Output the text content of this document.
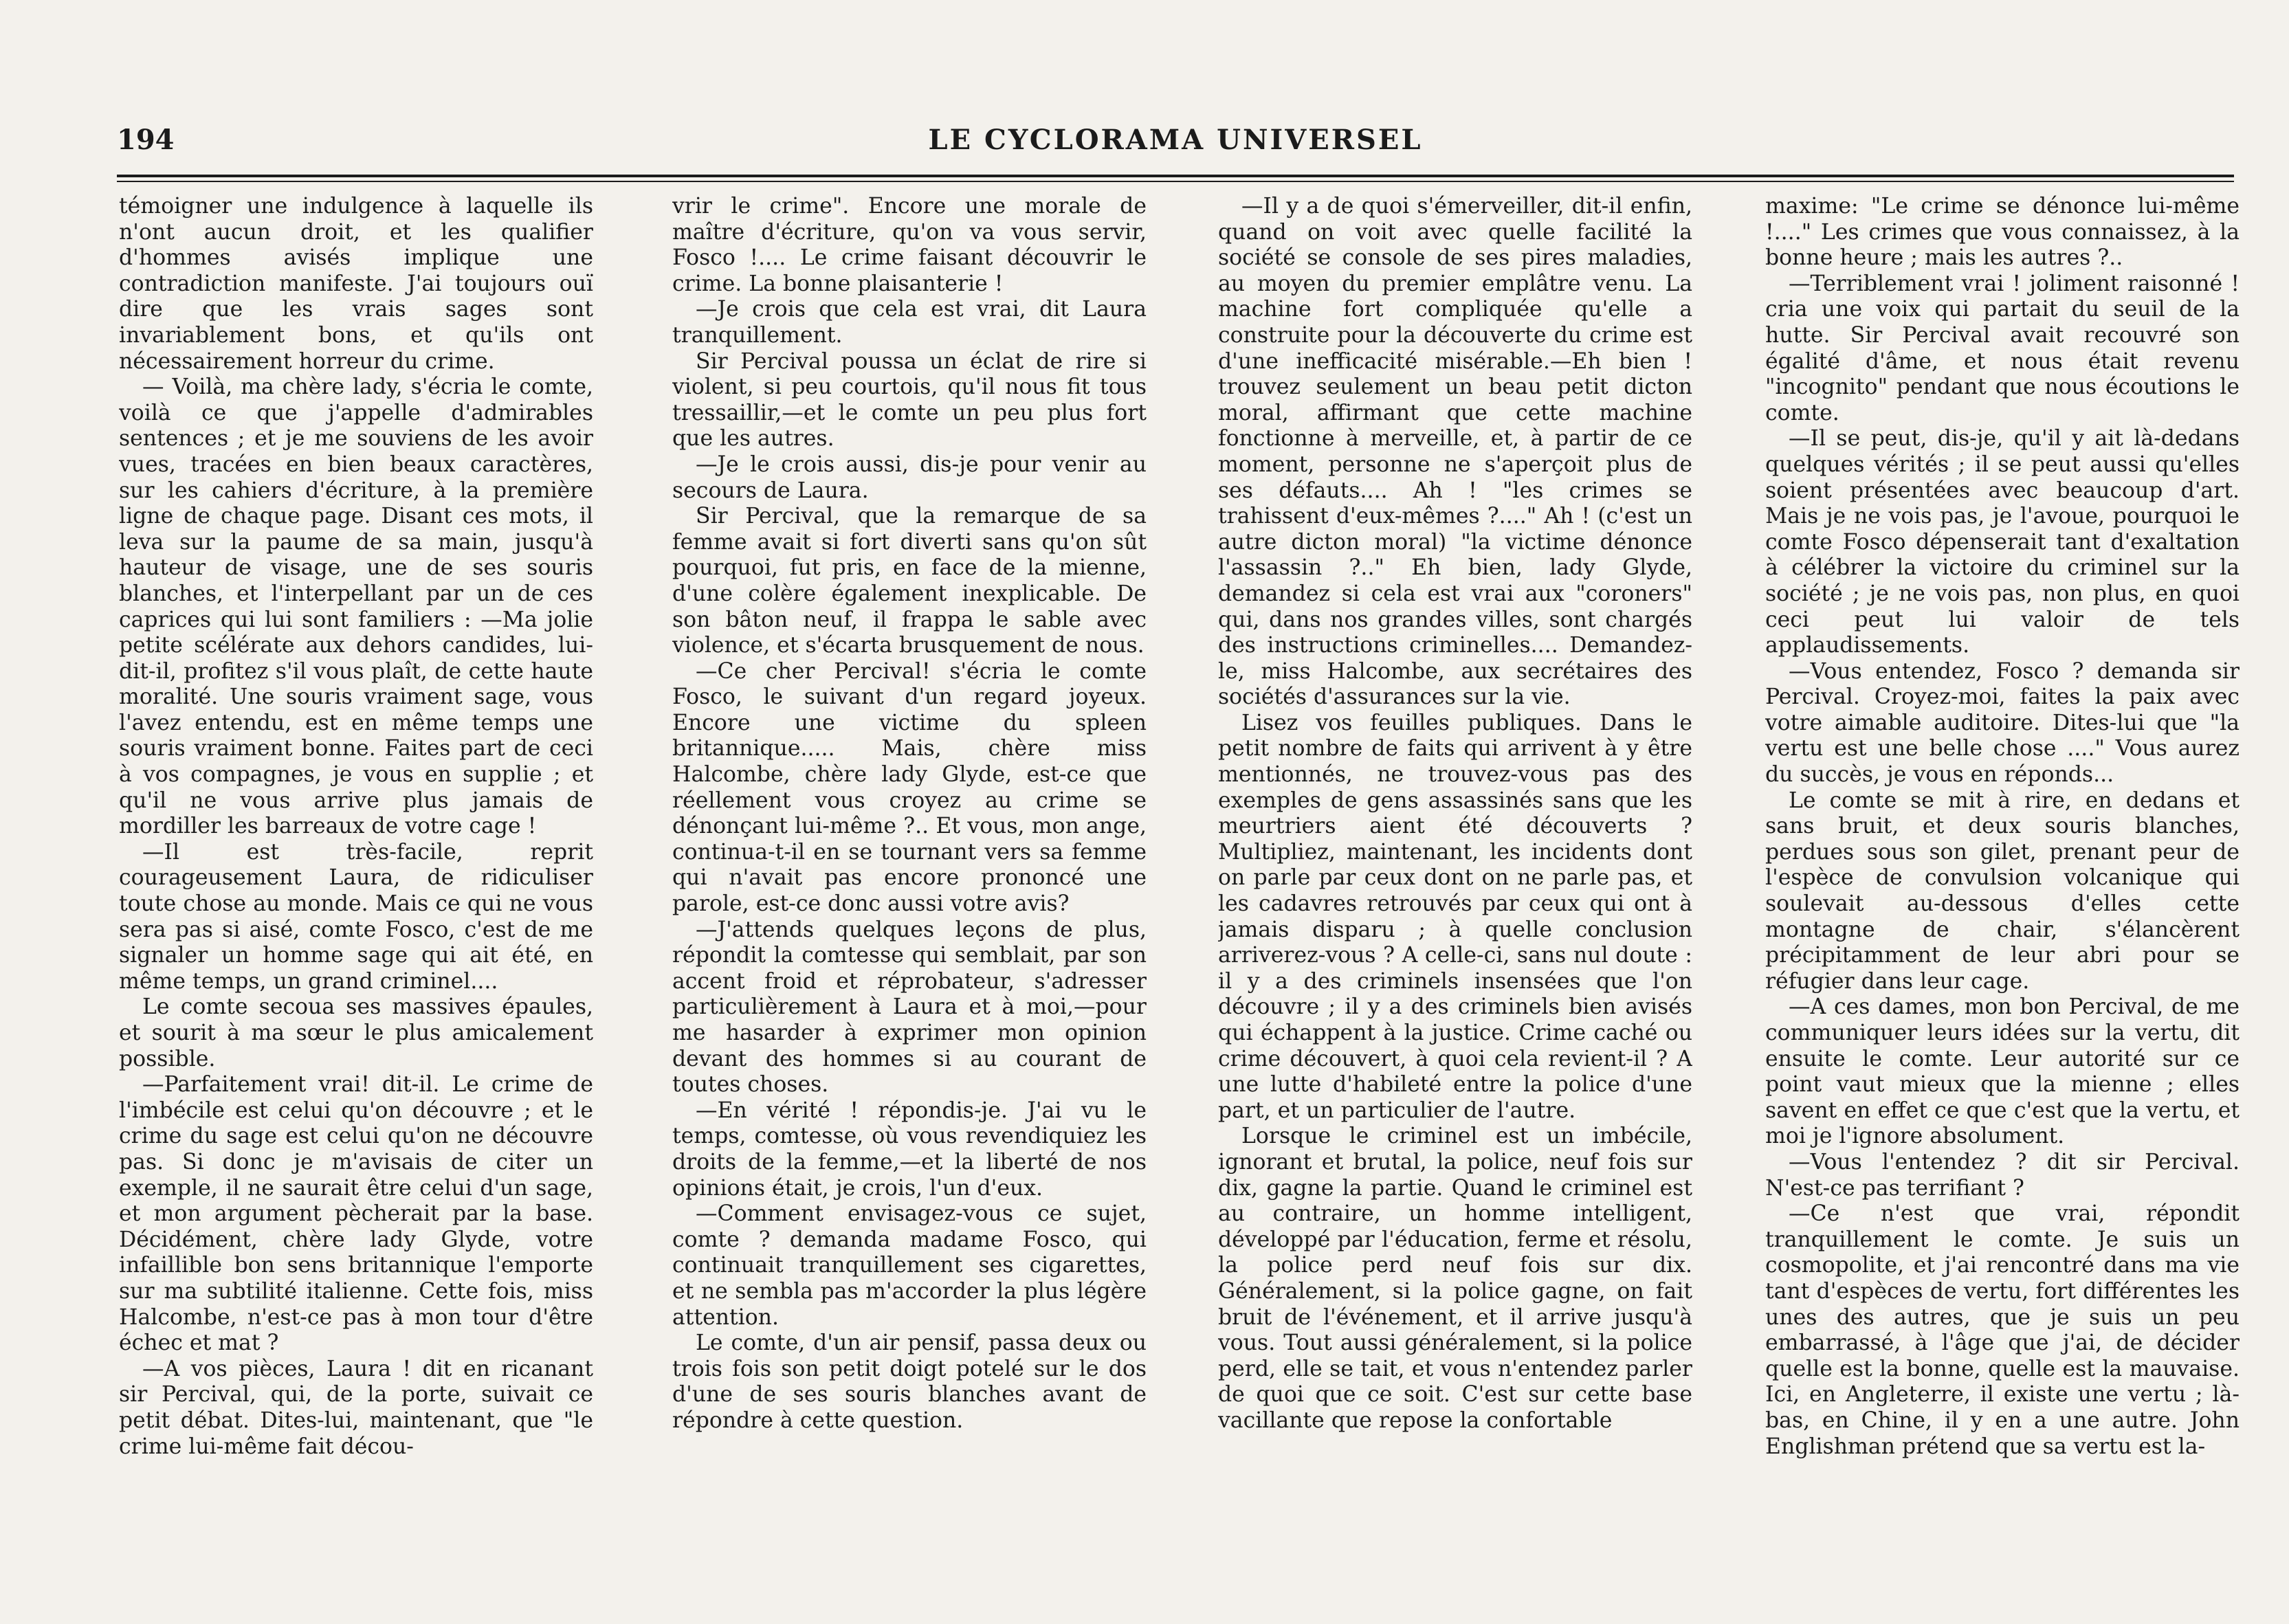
194	LE CYCLORAMA UNIVERSEL

témoigner une indulgence à laquelle ils n'ont aucun droit, et les qualifier d'hommes avisés implique une contradiction manifeste. J'ai toujours ouï dire que les vrais sages sont invariablement bons, et qu'ils ont nécessairement horreur du crime.

— Voilà, ma chère lady, s'écria le comte, voilà ce que j'appelle d'admirables sentences ; et je me souviens de les avoir vues, tracées en bien beaux caractères, sur les cahiers d'écriture, à la première ligne de chaque page. Disant ces mots, il leva sur la paume de sa main, jusqu'à hauteur de visage, une de ses souris blanches, et l'interpellant par un de ces caprices qui lui sont familiers : —Ma jolie petite scélérate aux dehors candides, lui-dit-il, profitez s'il vous plaît, de cette haute moralité. Une souris vraiment sage, vous l'avez entendu, est en même temps une souris vraiment bonne. Faites part de ceci à vos compagnes, je vous en supplie ; et qu'il ne vous arrive plus jamais de mordiller les barreaux de votre cage !

—Il est très-facile, reprit courageusement Laura, de ridiculiser toute chose au monde. Mais ce qui ne vous sera pas si aisé, comte Fosco, c'est de me signaler un homme sage qui ait été, en même temps, un grand criminel....

Le comte secoua ses massives épaules, et sourit à ma sœur le plus amicalement possible.

—Parfaitement vrai! dit-il. Le crime de l'imbécile est celui qu'on découvre ; et le crime du sage est celui qu'on ne découvre pas. Si donc je m'avisais de citer un exemple, il ne saurait être celui d'un sage, et mon argument pècherait par la base. Décidément, chère lady Glyde, votre infaillible bon sens britannique l'emporte sur ma subtilité italienne. Cette fois, miss Halcombe, n'est-ce pas à mon tour d'être échec et mat ?

—A vos pièces, Laura ! dit en ricanant sir Percival, qui, de la porte, suivait ce petit débat. Dites-lui, maintenant, que "le crime lui-même fait décou-

vrir le crime". Encore une morale de maître d'écriture, qu'on va vous servir, Fosco !.... Le crime faisant découvrir le crime. La bonne plaisanterie !

—Je crois que cela est vrai, dit Laura tranquillement.

Sir Percival poussa un éclat de rire si violent, si peu courtois, qu'il nous fit tous tressaillir,—et le comte un peu plus fort que les autres.

—Je le crois aussi, dis-je pour venir au secours de Laura.

Sir Percival, que la remarque de sa femme avait si fort diverti sans qu'on sût pourquoi, fut pris, en face de la mienne, d'une colère également inexplicable. De son bâton neuf, il frappa le sable avec violence, et s'écarta brusquement de nous.

—Ce cher Percival! s'écria le comte Fosco, le suivant d'un regard joyeux. Encore une victime du spleen britannique..... Mais, chère miss Halcombe, chère lady Glyde, est-ce que réellement vous croyez au crime se dénonçant lui-même ?.. Et vous, mon ange, continua-t-il en se tournant vers sa femme qui n'avait pas encore prononcé une parole, est-ce donc aussi votre avis?

—J'attends quelques leçons de plus, répondit la comtesse qui semblait, par son accent froid et réprobateur, s'adresser particulièrement à Laura et à moi,—pour me hasarder à exprimer mon opinion devant des hommes si au courant de toutes choses.

—En vérité ! répondis-je. J'ai vu le temps, comtesse, où vous revendiquiez les droits de la femme,—et la liberté de nos opinions était, je crois, l'un d'eux.

—Comment envisagez-vous ce sujet, comte ? demanda madame Fosco, qui continuait tranquillement ses cigarettes, et ne sembla pas m'accorder la plus légère attention.

Le comte, d'un air pensif, passa deux ou trois fois son petit doigt potelé sur le dos d'une de ses souris blanches avant de répondre à cette question.

—Il y a de quoi s'émerveiller, dit-il enfin, quand on voit avec quelle facilité la société se console de ses pires maladies, au moyen du premier emplâtre venu. La machine fort compliquée qu'elle a construite pour la découverte du crime est d'une inefficacité misérable.—Eh bien ! trouvez seulement un beau petit dicton moral, affirmant que cette machine fonctionne à merveille, et, à partir de ce moment, personne ne s'aperçoit plus de ses défauts.... Ah ! "les crimes se trahissent d'eux-mêmes ?...." Ah ! (c'est un autre dicton moral) "la victime dénonce l'assassin ?.." Eh bien, lady Glyde, demandez si cela est vrai aux "coroners" qui, dans nos grandes villes, sont chargés des instructions criminelles.... Demandez-le, miss Halcombe, aux secrétaires des sociétés d'assurances sur la vie.

Lisez vos feuilles publiques. Dans le petit nombre de faits qui arrivent à y être mentionnés, ne trouvez-vous pas des exemples de gens assassinés sans que les meurtriers aient été découverts ? Multipliez, maintenant, les incidents dont on parle par ceux dont on ne parle pas, et les cadavres retrouvés par ceux qui ont à jamais disparu ; à quelle conclusion arriverez-vous ? A celle-ci, sans nul doute : il y a des criminels insensées que l'on découvre ; il y a des criminels bien avisés qui échappent à la justice. Crime caché ou crime découvert, à quoi cela revient-il ? A une lutte d'habileté entre la police d'une part, et un particulier de l'autre.

Lorsque le criminel est un imbécile, ignorant et brutal, la police, neuf fois sur dix, gagne la partie. Quand le criminel est au contraire, un homme intelligent, développé par l'éducation, ferme et résolu, la police perd neuf fois sur dix. Généralement, si la police gagne, on fait bruit de l'événement, et il arrive jusqu'à vous. Tout aussi généralement, si la police perd, elle se tait, et vous n'entendez parler de quoi que ce soit. C'est sur cette base vacillante que repose la confortable

maxime: "Le crime se dénonce lui-même !...." Les crimes que vous connaissez, à la bonne heure ; mais les autres ?..

—Terriblement vrai ! joliment raisonné ! cria une voix qui partait du seuil de la hutte. Sir Percival avait recouvré son égalité d'âme, et nous était revenu "incognito" pendant que nous écoutions le comte.

—Il se peut, dis-je, qu'il y ait là-dedans quelques vérités ; il se peut aussi qu'elles soient présentées avec beaucoup d'art. Mais je ne vois pas, je l'avoue, pourquoi le comte Fosco dépenserait tant d'exaltation à célébrer la victoire du criminel sur la société ; je ne vois pas, non plus, en quoi ceci peut lui valoir de tels applaudissements.

—Vous entendez, Fosco ? demanda sir Percival. Croyez-moi, faites la paix avec votre aimable auditoire. Dites-lui que "la vertu est une belle chose ...." Vous aurez du succès, je vous en réponds...

Le comte se mit à rire, en dedans et sans bruit, et deux souris blanches, perdues sous son gilet, prenant peur de l'espèce de convulsion volcanique qui soulevait au-dessous d'elles cette montagne de chair, s'élancèrent précipitamment de leur abri pour se réfugier dans leur cage.

—A ces dames, mon bon Percival, de me communiquer leurs idées sur la vertu, dit ensuite le comte. Leur autorité sur ce point vaut mieux que la mienne ; elles savent en effet ce que c'est que la vertu, et moi je l'ignore absolument.

—Vous l'entendez ? dit sir Percival. N'est-ce pas terrifiant ?

—Ce n'est que vrai, répondit tranquillement le comte. Je suis un cosmopolite, et j'ai rencontré dans ma vie tant d'espèces de vertu, fort différentes les unes des autres, que je suis un peu embarrassé, à l'âge que j'ai, de décider quelle est la bonne, quelle est la mauvaise. Ici, en Angleterre, il existe une vertu ; là-bas, en Chine, il y en a une autre. John Englishman prétend que sa vertu est la-
